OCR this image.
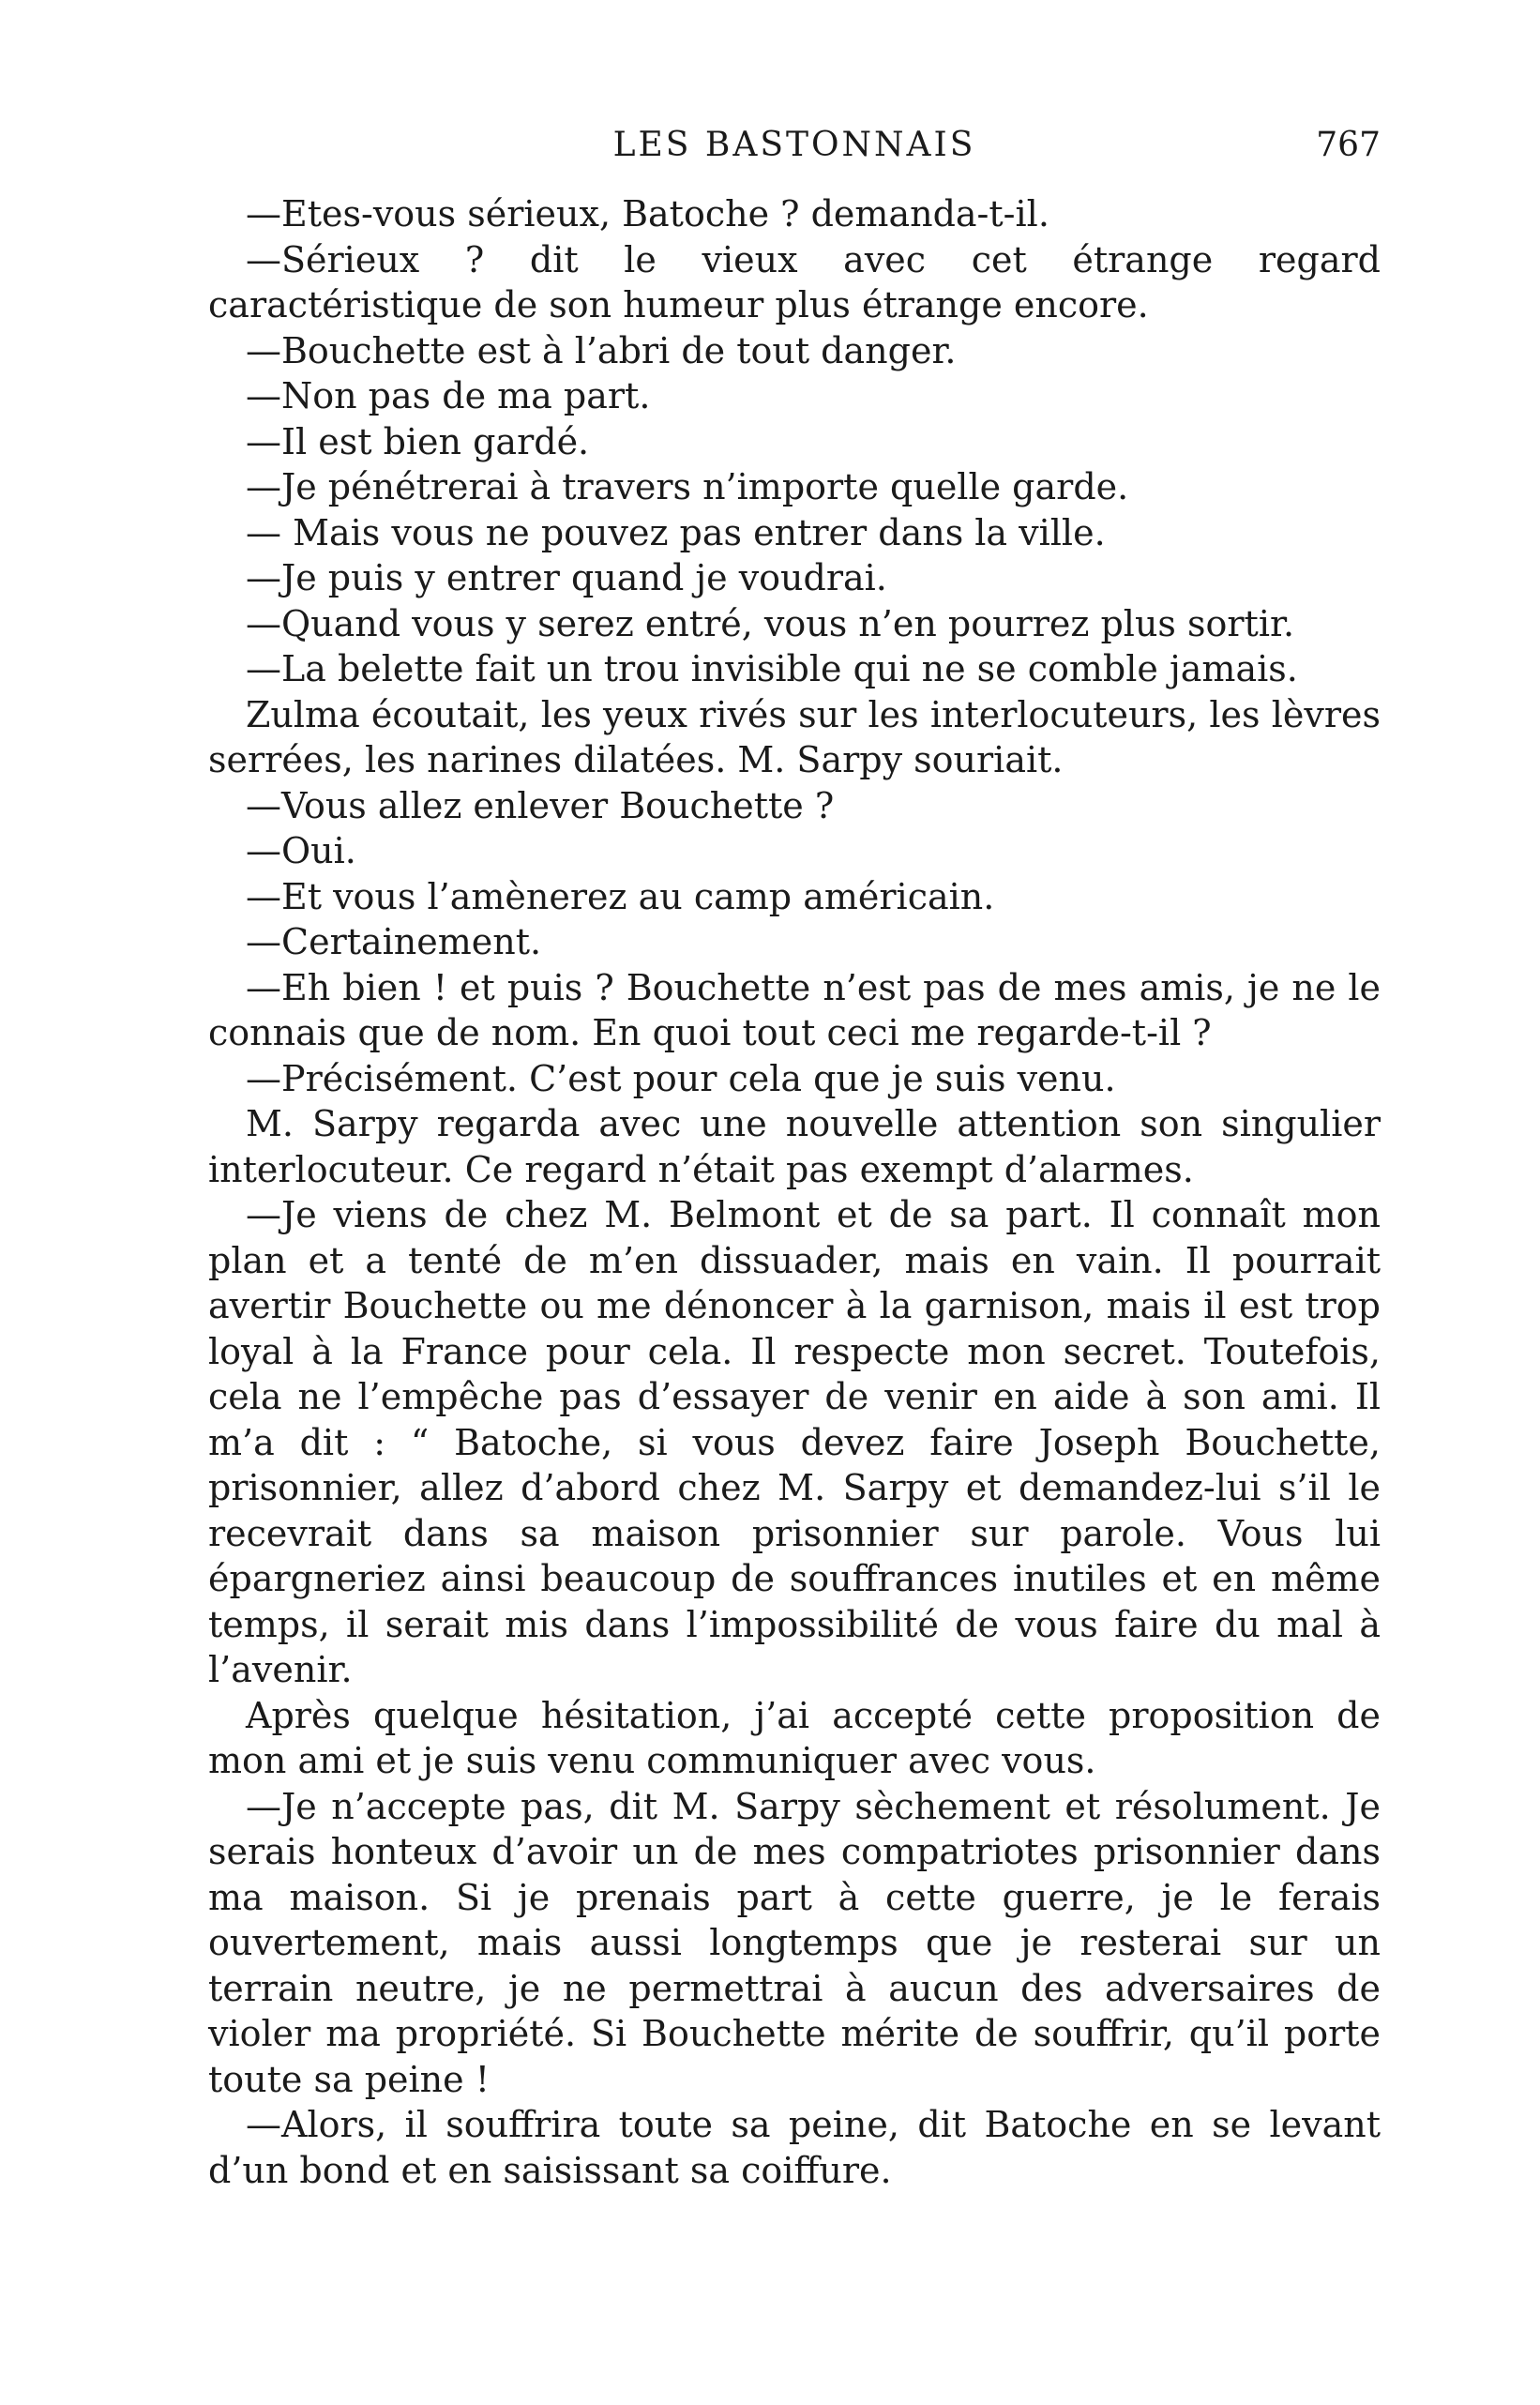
LES BASTONNAIS	767

—Etes-vous sérieux, Batoche ? demanda-t-il.

—Sérieux ? dit le vieux avec cet étrange regard caractéristique de son humeur plus étrange encore.

—Bouchette est à l’abri de tout danger.

—Non pas de ma part.

—Il est bien gardé.

—Je pénétrerai à travers n’importe quelle garde.

— Mais vous ne pouvez pas entrer dans la ville.

—Je puis y entrer quand je voudrai.

—Quand vous y serez entré, vous n’en pourrez plus sortir.

—La belette fait un trou invisible qui ne se comble jamais.

Zulma écoutait, les yeux rivés sur les interlocuteurs, les lèvres serrées, les narines dilatées. M. Sarpy souriait.

—Vous allez enlever Bouchette ?

—Oui.

—Et vous l’amènerez au camp américain.

—Certainement.

—Eh bien ! et puis ? Bouchette n’est pas de mes amis, je ne le connais que de nom. En quoi tout ceci me regarde-t-il ?

—Précisément. C’est pour cela que je suis venu.

M. Sarpy regarda avec une nouvelle attention son singulier interlocuteur. Ce regard n’était pas exempt d’alarmes.

—Je viens de chez M. Belmont et de sa part. Il connaît mon plan et a tenté de m’en dissuader, mais en vain. Il pourrait avertir Bouchette ou me dénoncer à la garnison, mais il est trop loyal à la France pour cela. Il respecte mon secret. Toutefois, cela ne l’empêche pas d’essayer de venir en aide à son ami. Il m’a dit : “ Batoche, si vous devez faire Joseph Bouchette, prisonnier, allez d’abord chez M. Sarpy et demandez-lui s’il le recevrait dans sa maison prisonnier sur parole. Vous lui épargneriez ainsi beaucoup de souffrances inutiles et en même temps, il serait mis dans l’impossibilité de vous faire du mal à l’avenir.

Après quelque hésitation, j’ai accepté cette proposition de mon ami et je suis venu communiquer avec vous.

—Je n’accepte pas, dit M. Sarpy sèchement et résolument. Je serais honteux d’avoir un de mes compatriotes prisonnier dans ma maison. Si je prenais part à cette guerre, je le ferais ouvertement, mais aussi longtemps que je resterai sur un terrain neutre, je ne permettrai à aucun des adversaires de violer ma propriété. Si Bouchette mérite de souffrir, qu’il porte toute sa peine !

—Alors, il souffrira toute sa peine, dit Batoche en se levant d’un bond et en saisissant sa coiffure.
